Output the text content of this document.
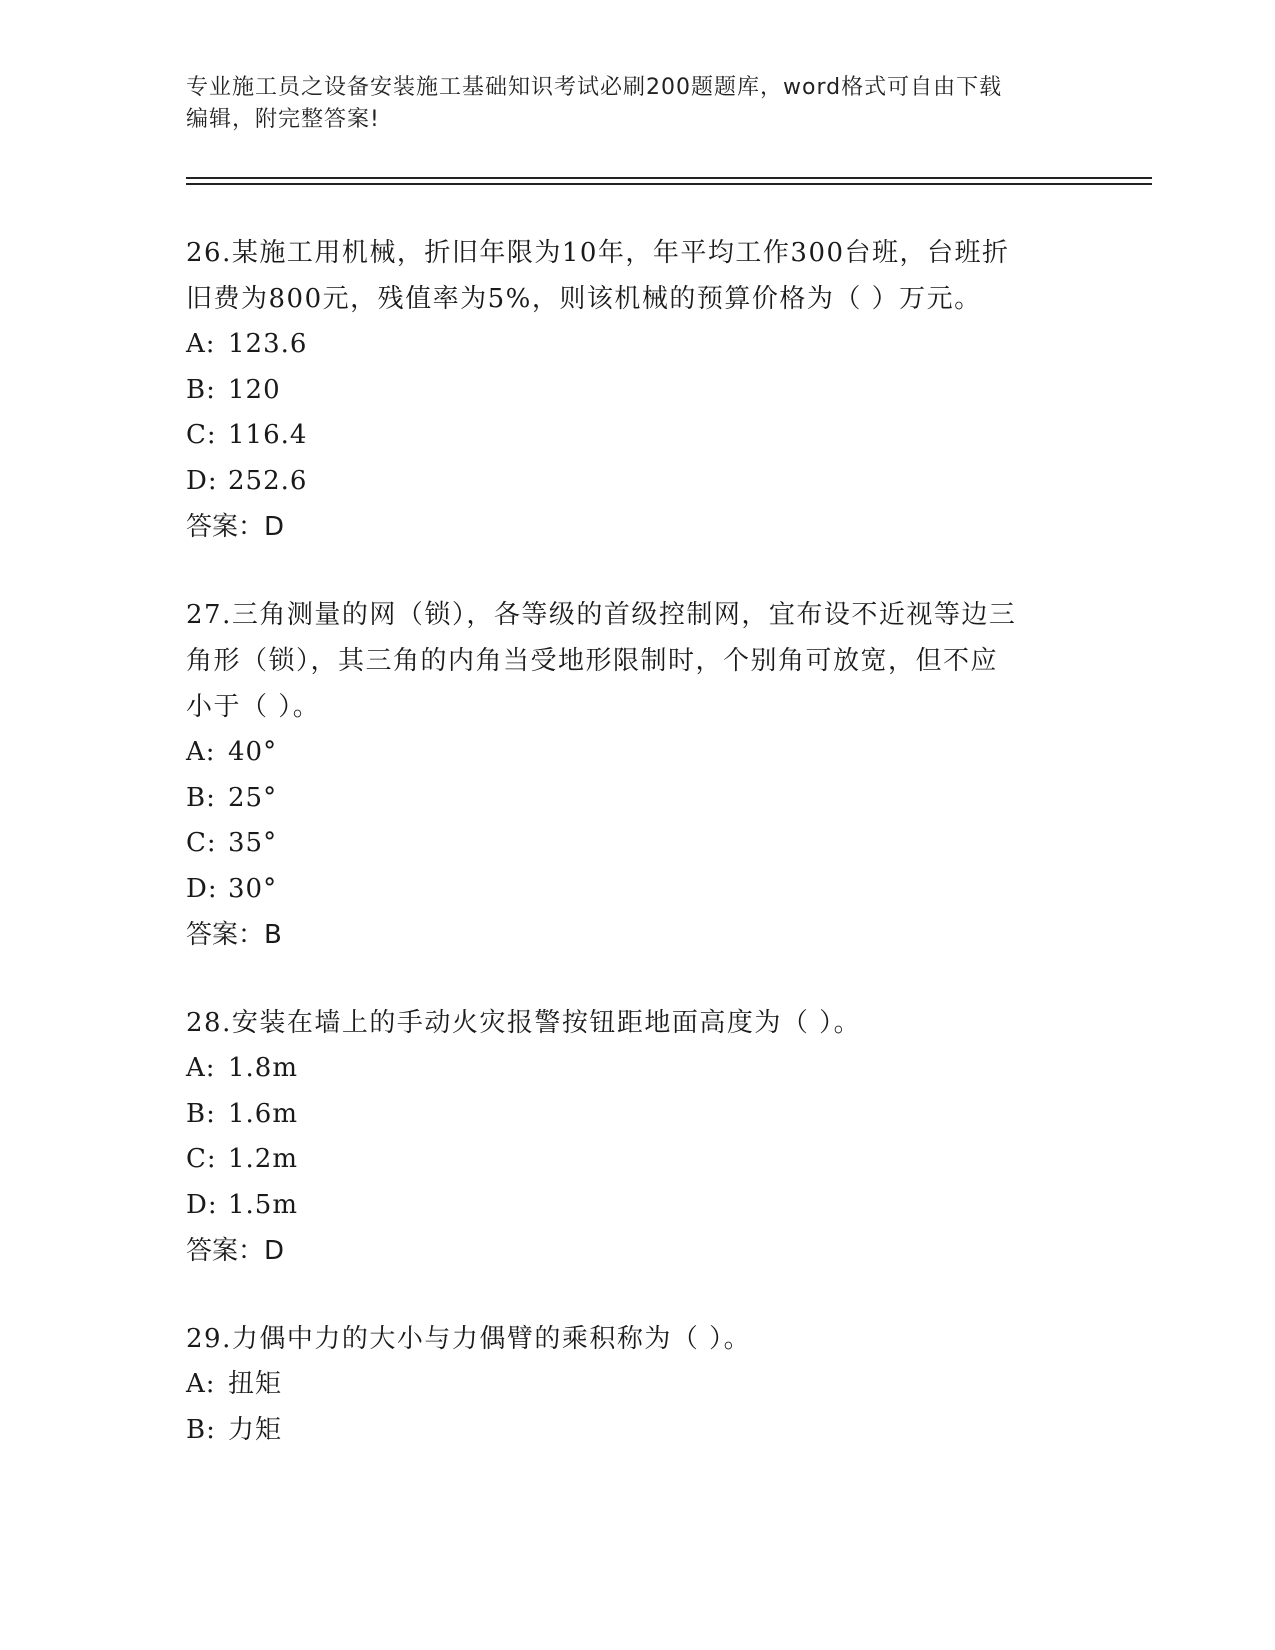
专业施工员之设备安装施工基础知识考试必刷200题题库，word格式可自由下载
编辑，附完整答案!

26.某施工用机械，折旧年限为10年，年平均工作300台班，台班折

旧费为800元，残值率为5%，则该机械的预算价格为（ ）万元。

A: 123.6

B: 120

C: 116.4

D: 252.6

答案：D

27.三角测量的网（锁），各等级的首级控制网，宜布设不近视等边三

角形（锁），其三角的内角当受地形限制时，个别角可放宽，但不应

小于（ ）。

A: 40°

B: 25°

C: 35°

D: 30°

答案：B

28.安装在墙上的手动火灾报警按钮距地面高度为（ ）。

A: 1.8m

B: 1.6m

C: 1.2m

D: 1.5m

答案：D

29.力偶中力的大小与力偶臂的乘积称为（ ）。

A: 扭矩

B: 力矩
